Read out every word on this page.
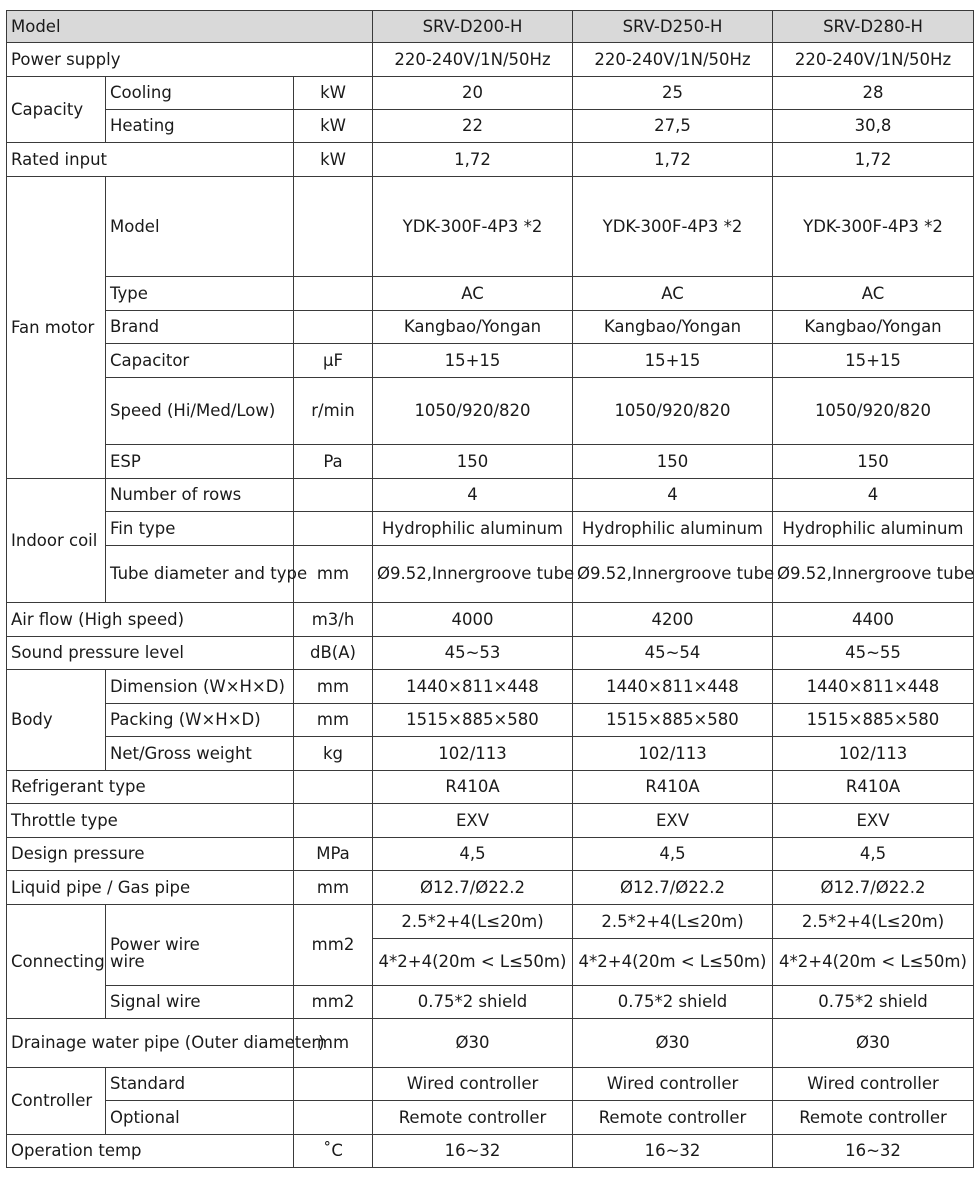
Model			SRV-D200-H	SRV-D250-H	SRV-D280-H
Power supply			220-240V/1N/50Hz	220-240V/1N/50Hz	220-240V/1N/50Hz
Capacity	Cooling	kW	20	25	28
	Heating	kW	22	27,5	30,8
Rated input		kW	1,72	1,72	1,72
Fan motor	Model		YDK-300F-4P3 *2	YDK-300F-4P3 *2	YDK-300F-4P3 *2
	Type		AC	AC	AC
	Brand		Kangbao/Yongan	Kangbao/Yongan	Kangbao/Yongan
	Capacitor	μF	15+15	15+15	15+15
	Speed (Hi/Med/Low)	r/min	1050/920/820	1050/920/820	1050/920/820
	ESP	Pa	150	150	150
Indoor coil	Number of rows		4	4	4
	Fin type		Hydrophilic aluminum	Hydrophilic aluminum	Hydrophilic aluminum
	Tube diameter and type	mm	Ø9.52,Innergroove tube	Ø9.52,Innergroove tube	Ø9.52,Innergroove tube
Air flow (High speed)		m3/h	4000	4200	4400
Sound pressure level		dB(A)	45~53	45~54	45~55
Body	Dimension (W×H×D)	mm	1440×811×448	1440×811×448	1440×811×448
	Packing (W×H×D)	mm	1515×885×580	1515×885×580	1515×885×580
	Net/Gross weight	kg	102/113	102/113	102/113
Refrigerant type			R410A	R410A	R410A
Throttle type			EXV	EXV	EXV
Design pressure		MPa	4,5	4,5	4,5
Liquid pipe / Gas pipe		mm	Ø12.7/Ø22.2	Ø12.7/Ø22.2	Ø12.7/Ø22.2
Connecting wire	Power wire	mm2	2.5*2+4(L≤20m)	2.5*2+4(L≤20m)	2.5*2+4(L≤20m)
			4*2+4(20m < L≤50m)	4*2+4(20m < L≤50m)	4*2+4(20m < L≤50m)
	Signal wire	mm2	0.75*2 shield	0.75*2 shield	0.75*2 shield
Drainage water pipe (Outer diameter)		mm	Ø30	Ø30	Ø30
Controller	Standard		Wired controller	Wired controller	Wired controller
	Optional		Remote controller	Remote controller	Remote controller
Operation temp		˚C	16~32	16~32	16~32
